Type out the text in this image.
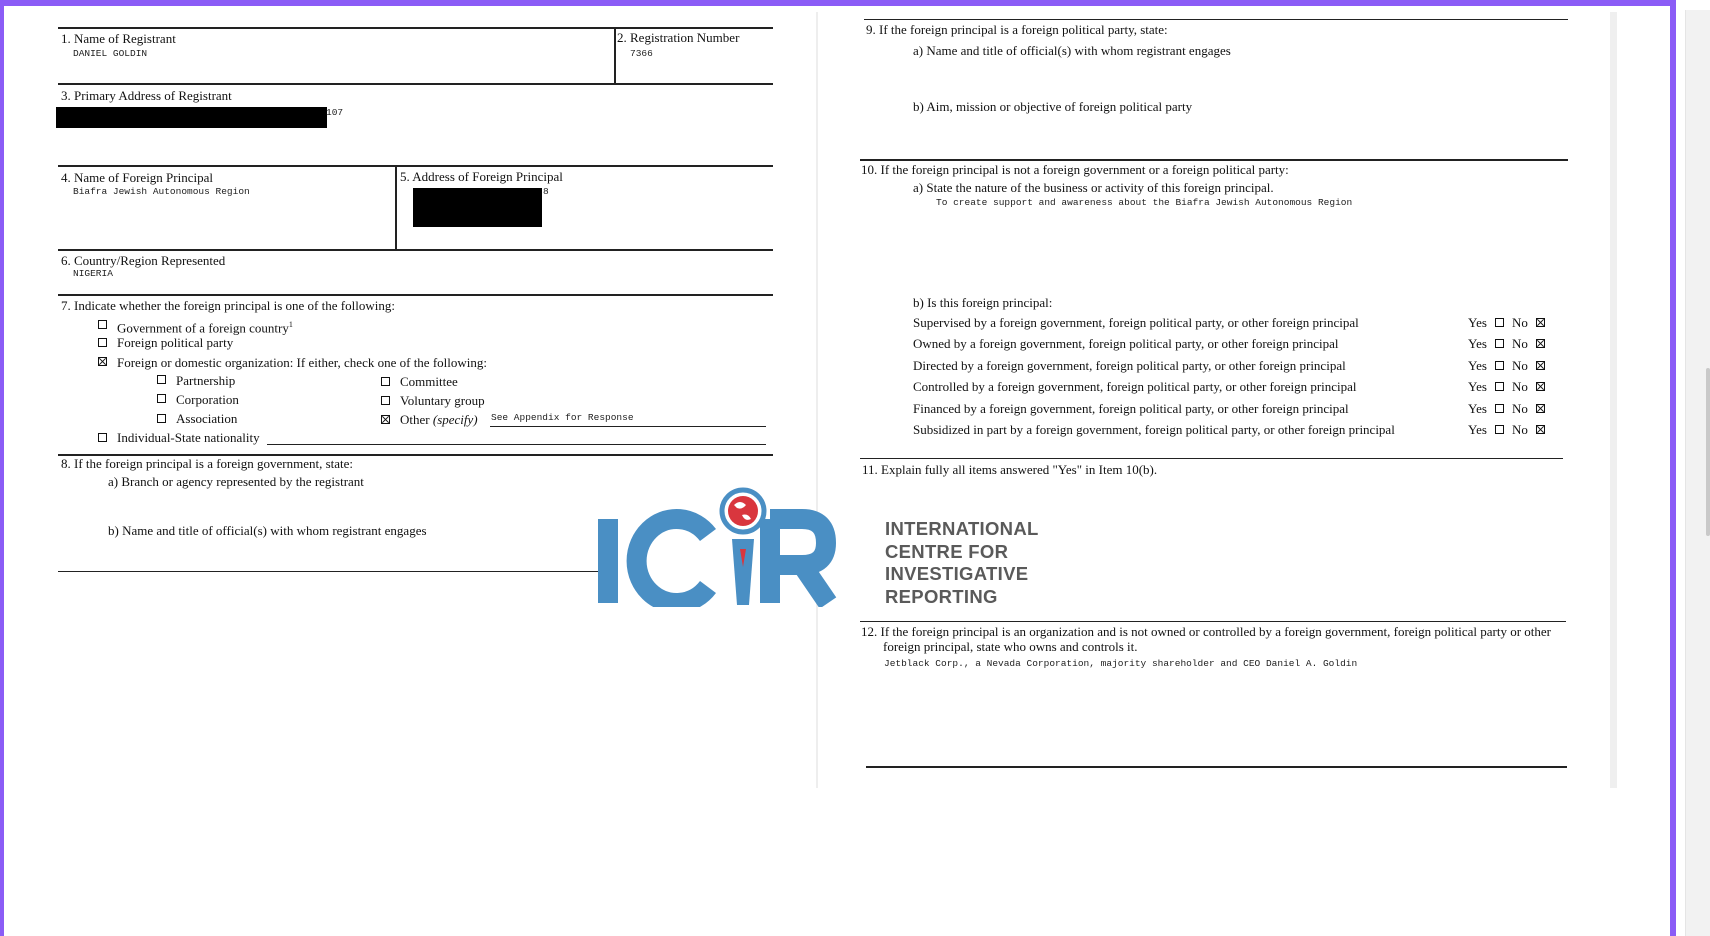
1. Name of Registrant
DANIEL GOLDIN
2. Registration Number
7366
3. Primary Address of Registrant
107
4. Name of Foreign Principal
Biafra Jewish Autonomous Region
5. Address of Foreign Principal
8
6. Country/Region Represented
NIGERIA
7. Indicate whether the foreign principal is one of the following:
Government of a foreign country$^1$
Foreign political party
Foreign or domestic organization: If either, check one of the following:
Partnership
Corporation
Association
Committee
Voluntary group
Other (specify) See Appendix for Response
Individual-State nationality
8. If the foreign principal is a foreign government, state:
a) Branch or agency represented by the registrant
b) Name and title of official(s) with whom registrant engages
9. If the foreign principal is a foreign political party, state:
a) Name and title of official(s) with whom registrant engages
b) Aim, mission or objective of foreign political party
10. If the foreign principal is not a foreign government or a foreign political party:
a) State the nature of the business or activity of this foreign principal.
To create support and awareness about the Biafra Jewish Autonomous Region
b) Is this foreign principal:
Supervised by a foreign government, foreign political party, or other foreign principal	Yes No
Owned by a foreign government, foreign political party, or other foreign principal	Yes No
Directed by a foreign government, foreign political party, or other foreign principal	Yes No
Controlled by a foreign government, foreign political party, or other foreign principal	Yes No
Financed by a foreign government, foreign political party, or other foreign principal	Yes No
Subsidized in part by a foreign government, foreign political party, or other foreign principal	Yes No
11. Explain fully all items answered "Yes" in Item 10(b).
12. If the foreign principal is an organization and is not owned or controlled by a foreign government, foreign political party or other
foreign principal, state who owns and controls it.
Jetblack Corp., a Nevada Corporation, majority shareholder and CEO Daniel A. Goldin
INTERNATIONAL
CENTRE FOR
INVESTIGATIVE
REPORTING
